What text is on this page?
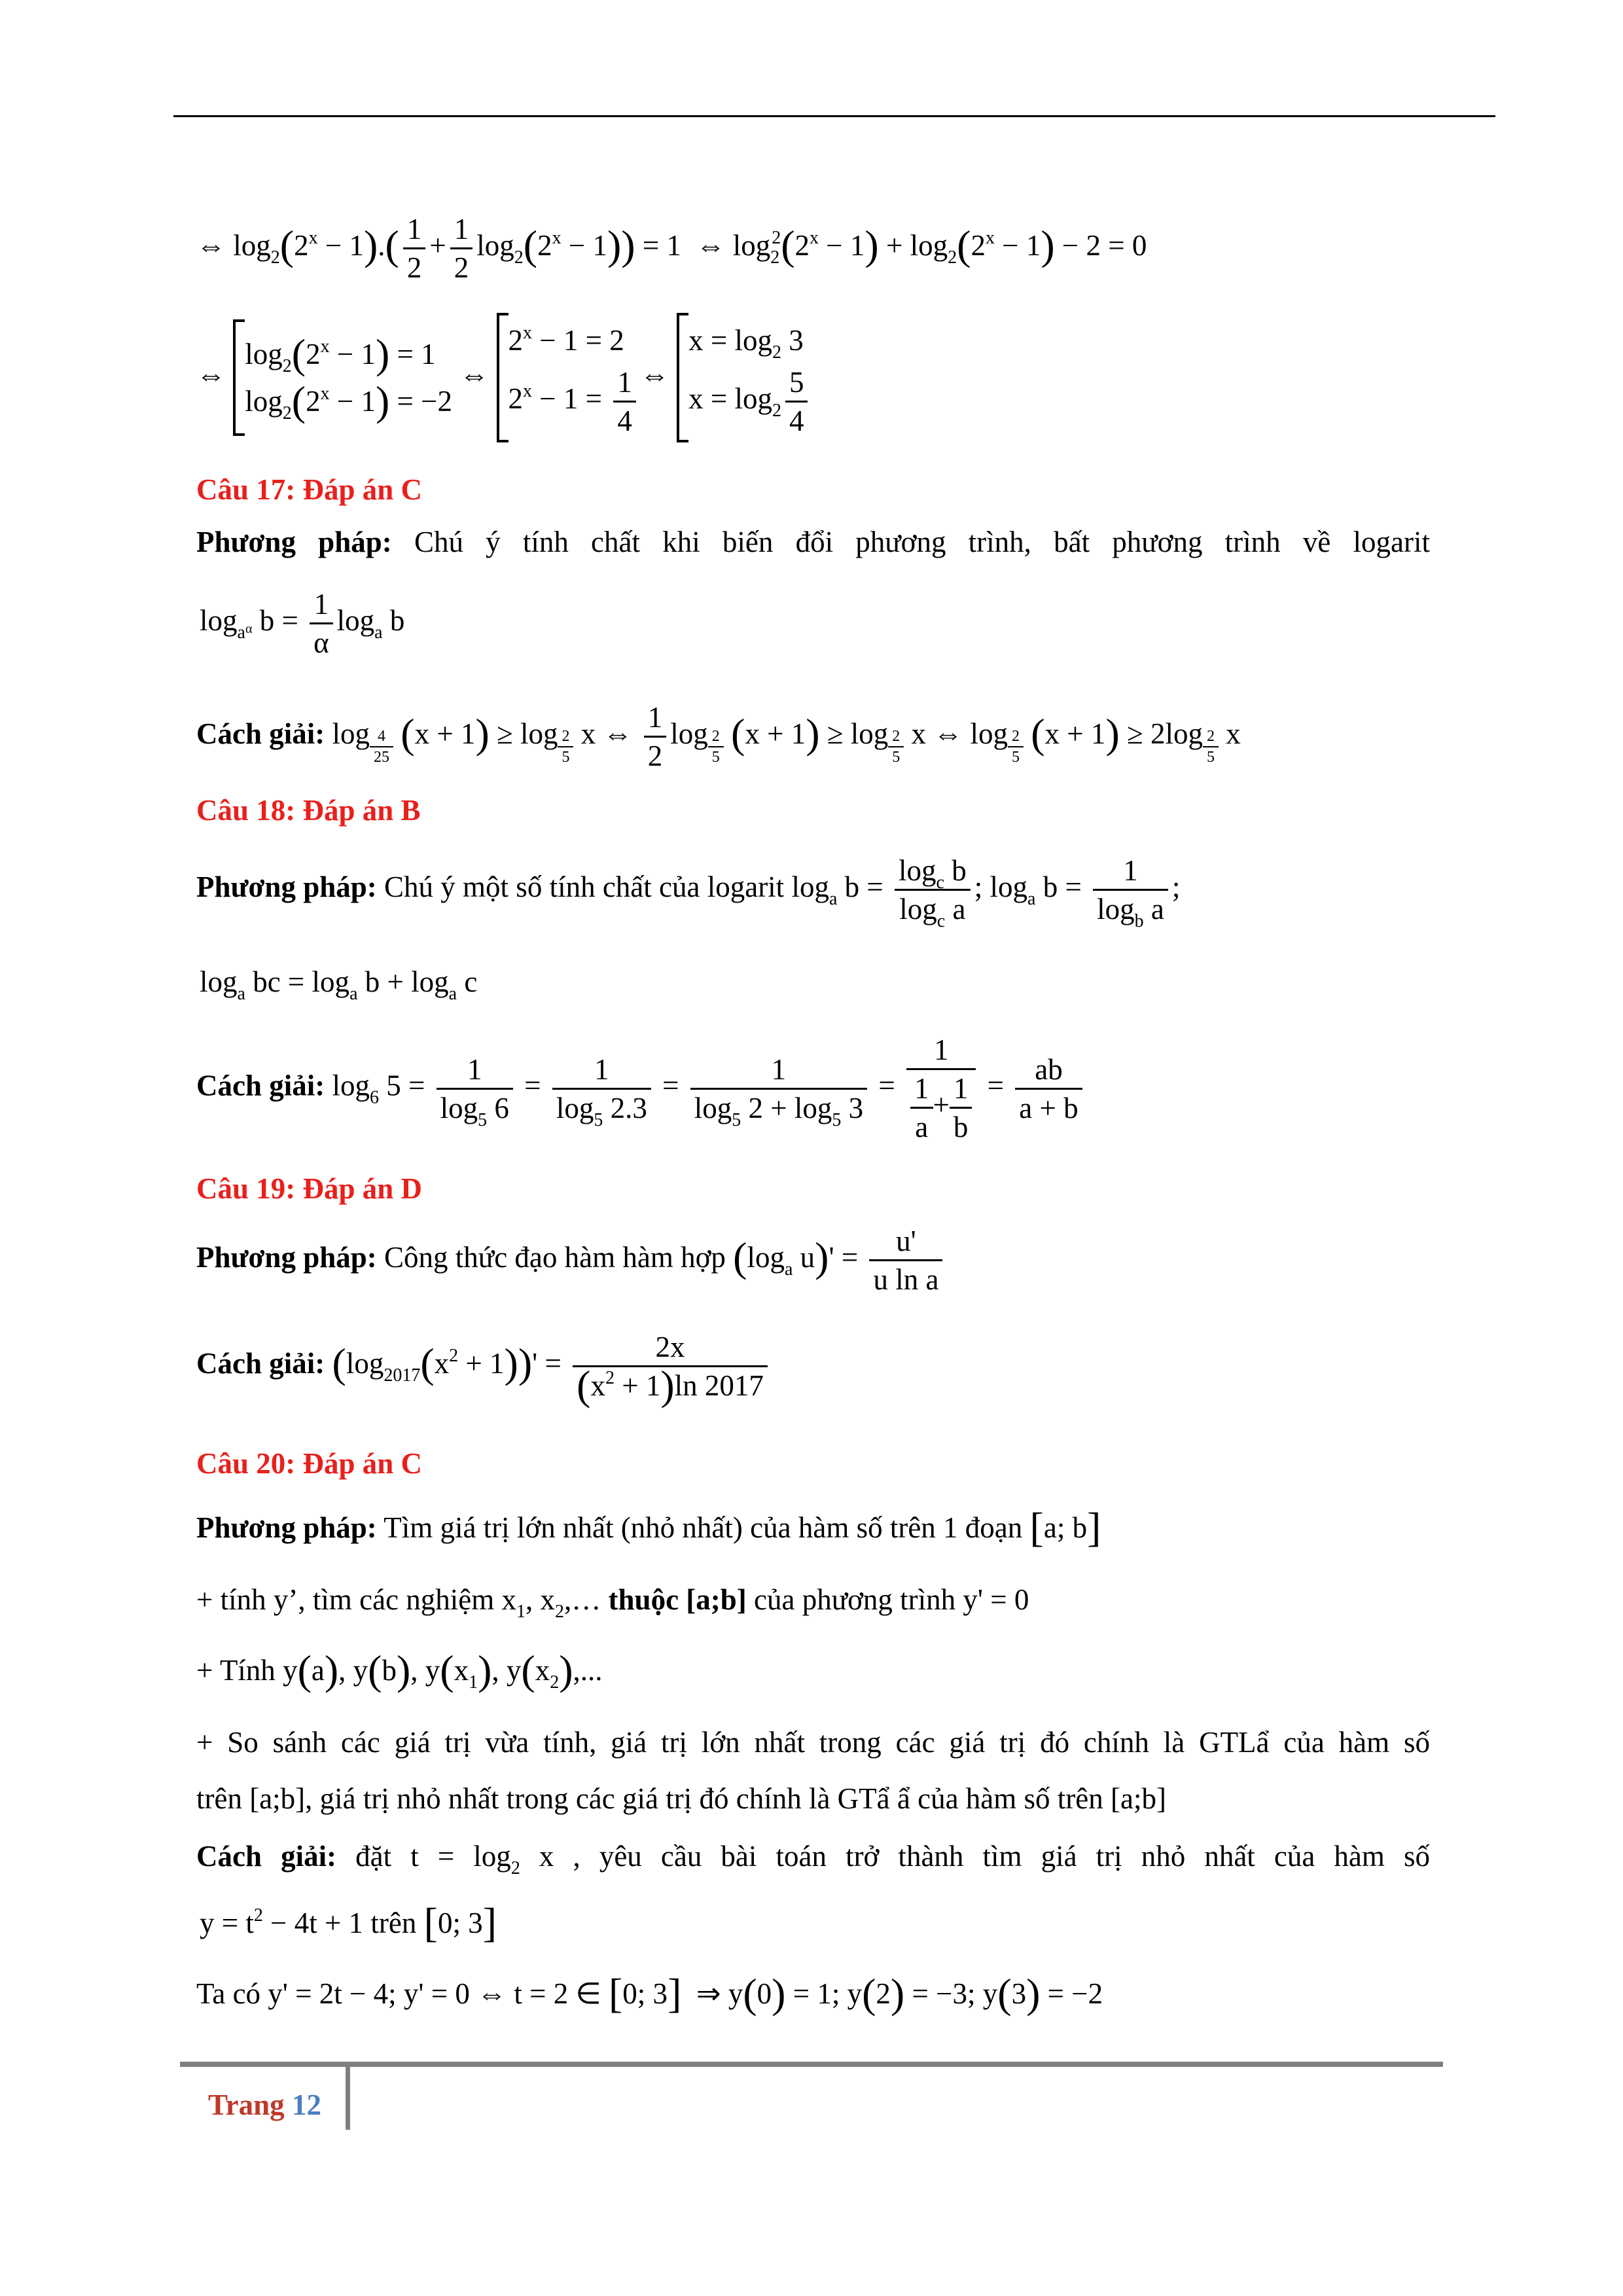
⇔ $\log_2(2^x - 1).( \frac{1}{2} + \frac{1}{2} \log_2(2^x - 1)) = 1$  ⇔ $\log_2^2(2^x - 1) + \log_2(2^x - 1) - 2 = 0$
⇔
$\log_2(2^x - 1) = 1$
$\log_2(2^x - 1) = -2$
⇔
$2^x - 1 = 2$
$2^x - 1 = \frac{1}{4}$ ⇔
$x = \log_2 3$
$x = \log_2 \frac{5}{4}$
Câu 17: Đáp án C
Phương pháp: Chú ý tính chất khi biến đổi phương trình, bất phương trình về logarit
$\log_{a^\alpha} b = \frac{1}{\alpha} \log_a b$
Cách giải: log $_{\frac{4}{25}}$ (x + 1) ≥ log $_{\frac{2}{5}}$ x ⇔ $\frac{1}{2}$ log $_{\frac{2}{5}}$ (x + 1) ≥ log $_{\frac{2}{5}}$ x ⇔ log $_{\frac{2}{5}}$ (x + 1) ≥ 2log $_{\frac{2}{5}}$ x
Câu 18: Đáp án B
Phương pháp: Chú ý một số tính chất của logarit $\log_a b = \frac{\log_c b}{\log_c a}$ ; $\log_a b = \frac{1}{\log_b a}$ ;
$\log_a$ bc = $\log_a b + \log_a c$
Cách giải: $\log_6 5 = \frac{1}{\log_5 6} = \frac{1}{\log_5 2.3} = \frac{1}{\log_5 2 + \log_5 3} = \frac{1}{\frac{1}{a} + \frac{1}{b}} = \frac{ab}{a + b}$
Câu 19: Đáp án D
Phương pháp: Công thức đạo hàm hàm hợp ($\log_a$ $u)' = \frac{u'}{\text{u ln a}}$
Cách giải: $(\log_{2017}(x^2 + 1))' = \frac{2x}{(x^2 + 1)\ln 2017}$
Câu 20: Đáp án C
Phương pháp: Tìm giá trị lớn nhất (nhỏ nhất) của hàm số trên 1 đoạn [a; b]
+ tính y’, tìm các nghiệm $x_1$, $x_2,\dots$ thuộc [a;b] của phương trình y' = 0
+ Tính y(a), y(b), $y(x_1)$, $y(x_2)$,...
+ So sánh các giá trị vừa tính, giá trị lớn nhất trong các giá trị đó chính là GTLẩ của hàm số
trên [a;b], giá trị nhỏ nhất trong các giá trị đó chính là GTẩ ẩ của hàm số trên [a;b]
Cách giải: đặt $t = \log_2 x$ , yêu cầu bài toán trở thành tìm giá trị nhỏ nhất của hàm số
$y = t^2 - 4t + 1$ trên [0; 3]
Ta có y' = 2t − 4; y' = 0 ⇔ t = 2 ∈ [0; 3]  ⇒ y(0) = 1; y(2) = −3; y(3) = −2
Trang 12
